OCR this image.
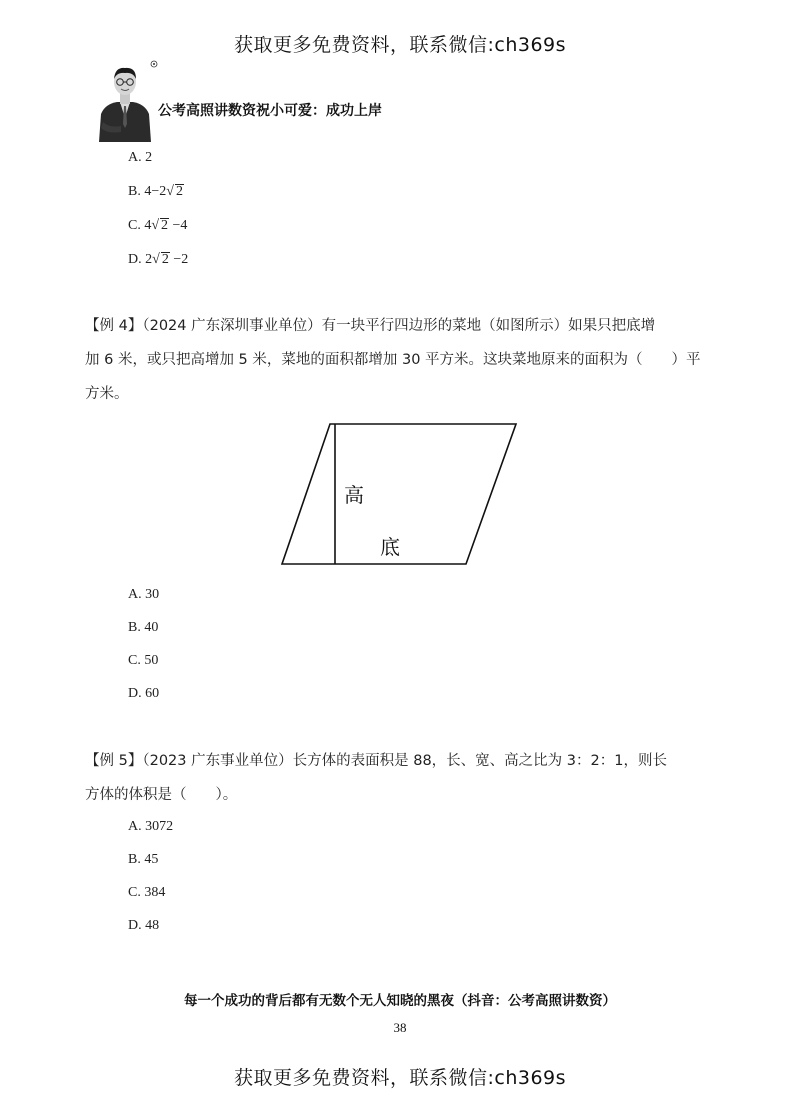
获取更多免费资料，联系微信:ch369s
公考高照讲数资祝小可爱：成功上岸
A. 2
B. 4−2√ 2
C. 4√ 2 −4
D. 2√ 2 −2
【例 4】（2024 广东深圳事业单位）有一块平行四边形的菜地（如图所示）如果只把底增
加 6 米，或只把高增加 5 米，菜地的面积都增加 30 平方米。这块菜地原来的面积为（　　）平
方米。
高
底
A. 30
B. 40
C. 50
D. 60
【例 5】（2023 广东事业单位）长方体的表面积是 88，长、宽、高之比为 3：2：1，则长
方体的体积是（　　）。
A. 3072
B. 45
C. 384
D. 48
每一个成功的背后都有无数个无人知晓的黑夜（抖音：公考高照讲数资）
38
获取更多免费资料，联系微信:ch369s
